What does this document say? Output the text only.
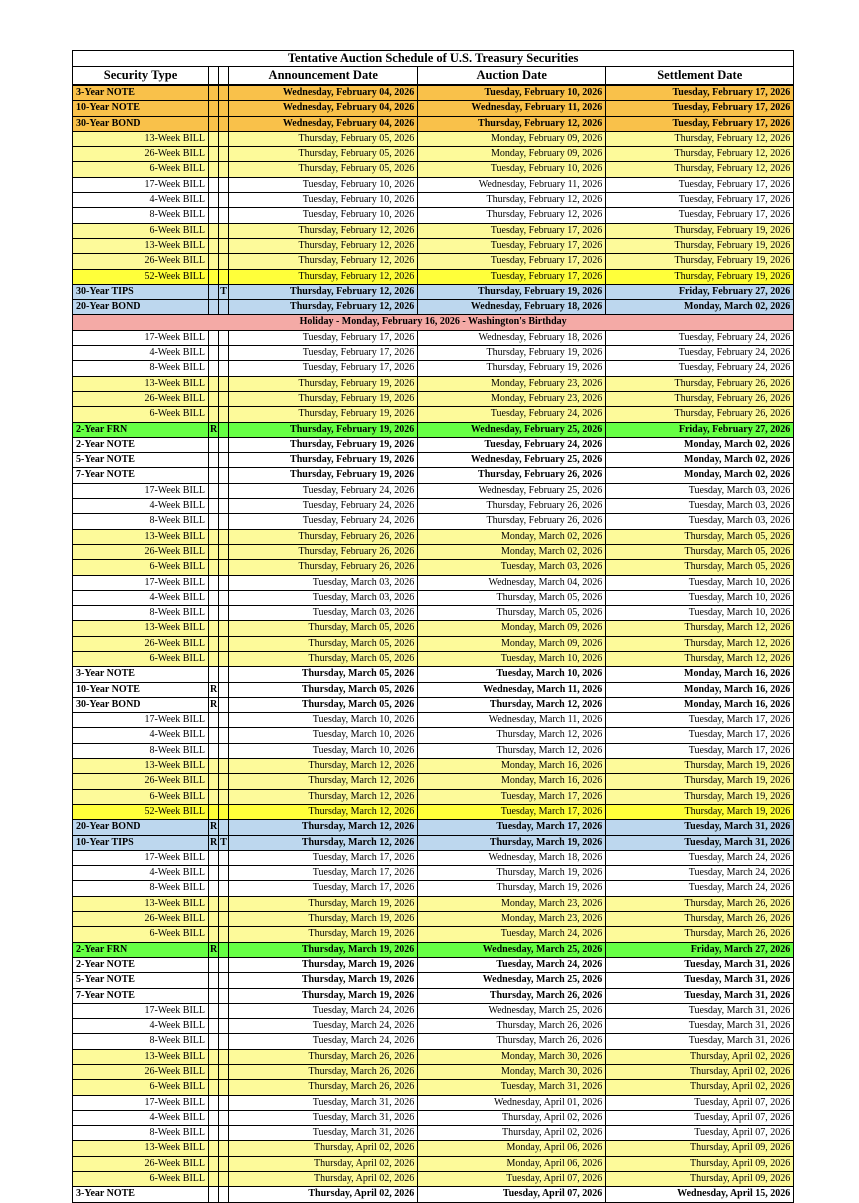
Tentative Auction Schedule of U.S. Treasury Securities					
Security Type			Announcement Date	Auction Date	Settlement Date
3-Year NOTE			Wednesday, February 04, 2026	Tuesday, February 10, 2026	Tuesday, February 17, 2026
10-Year NOTE			Wednesday, February 04, 2026	Wednesday, February 11, 2026	Tuesday, February 17, 2026
30-Year BOND			Wednesday, February 04, 2026	Thursday, February 12, 2026	Tuesday, February 17, 2026
13-Week BILL			Thursday, February 05, 2026	Monday, February 09, 2026	Thursday, February 12, 2026
26-Week BILL			Thursday, February 05, 2026	Monday, February 09, 2026	Thursday, February 12, 2026
6-Week BILL			Thursday, February 05, 2026	Tuesday, February 10, 2026	Thursday, February 12, 2026
17-Week BILL			Tuesday, February 10, 2026	Wednesday, February 11, 2026	Tuesday, February 17, 2026
4-Week BILL			Tuesday, February 10, 2026	Thursday, February 12, 2026	Tuesday, February 17, 2026
8-Week BILL			Tuesday, February 10, 2026	Thursday, February 12, 2026	Tuesday, February 17, 2026
6-Week BILL			Thursday, February 12, 2026	Tuesday, February 17, 2026	Thursday, February 19, 2026
13-Week BILL			Thursday, February 12, 2026	Tuesday, February 17, 2026	Thursday, February 19, 2026
26-Week BILL			Thursday, February 12, 2026	Tuesday, February 17, 2026	Thursday, February 19, 2026
52-Week BILL			Thursday, February 12, 2026	Tuesday, February 17, 2026	Thursday, February 19, 2026
30-Year TIPS		T	Thursday, February 12, 2026	Thursday, February 19, 2026	Friday, February 27, 2026
20-Year BOND			Thursday, February 12, 2026	Wednesday, February 18, 2026	Monday, March 02, 2026
Holiday - Monday, February 16, 2026 - Washington's Birthday					
17-Week BILL			Tuesday, February 17, 2026	Wednesday, February 18, 2026	Tuesday, February 24, 2026
4-Week BILL			Tuesday, February 17, 2026	Thursday, February 19, 2026	Tuesday, February 24, 2026
8-Week BILL			Tuesday, February 17, 2026	Thursday, February 19, 2026	Tuesday, February 24, 2026
13-Week BILL			Thursday, February 19, 2026	Monday, February 23, 2026	Thursday, February 26, 2026
26-Week BILL			Thursday, February 19, 2026	Monday, February 23, 2026	Thursday, February 26, 2026
6-Week BILL			Thursday, February 19, 2026	Tuesday, February 24, 2026	Thursday, February 26, 2026
2-Year FRN	R		Thursday, February 19, 2026	Wednesday, February 25, 2026	Friday, February 27, 2026
2-Year NOTE			Thursday, February 19, 2026	Tuesday, February 24, 2026	Monday, March 02, 2026
5-Year NOTE			Thursday, February 19, 2026	Wednesday, February 25, 2026	Monday, March 02, 2026
7-Year NOTE			Thursday, February 19, 2026	Thursday, February 26, 2026	Monday, March 02, 2026
17-Week BILL			Tuesday, February 24, 2026	Wednesday, February 25, 2026	Tuesday, March 03, 2026
4-Week BILL			Tuesday, February 24, 2026	Thursday, February 26, 2026	Tuesday, March 03, 2026
8-Week BILL			Tuesday, February 24, 2026	Thursday, February 26, 2026	Tuesday, March 03, 2026
13-Week BILL			Thursday, February 26, 2026	Monday, March 02, 2026	Thursday, March 05, 2026
26-Week BILL			Thursday, February 26, 2026	Monday, March 02, 2026	Thursday, March 05, 2026
6-Week BILL			Thursday, February 26, 2026	Tuesday, March 03, 2026	Thursday, March 05, 2026
17-Week BILL			Tuesday, March 03, 2026	Wednesday, March 04, 2026	Tuesday, March 10, 2026
4-Week BILL			Tuesday, March 03, 2026	Thursday, March 05, 2026	Tuesday, March 10, 2026
8-Week BILL			Tuesday, March 03, 2026	Thursday, March 05, 2026	Tuesday, March 10, 2026
13-Week BILL			Thursday, March 05, 2026	Monday, March 09, 2026	Thursday, March 12, 2026
26-Week BILL			Thursday, March 05, 2026	Monday, March 09, 2026	Thursday, March 12, 2026
6-Week BILL			Thursday, March 05, 2026	Tuesday, March 10, 2026	Thursday, March 12, 2026
3-Year NOTE			Thursday, March 05, 2026	Tuesday, March 10, 2026	Monday, March 16, 2026
10-Year NOTE	R		Thursday, March 05, 2026	Wednesday, March 11, 2026	Monday, March 16, 2026
30-Year BOND	R		Thursday, March 05, 2026	Thursday, March 12, 2026	Monday, March 16, 2026
17-Week BILL			Tuesday, March 10, 2026	Wednesday, March 11, 2026	Tuesday, March 17, 2026
4-Week BILL			Tuesday, March 10, 2026	Thursday, March 12, 2026	Tuesday, March 17, 2026
8-Week BILL			Tuesday, March 10, 2026	Thursday, March 12, 2026	Tuesday, March 17, 2026
13-Week BILL			Thursday, March 12, 2026	Monday, March 16, 2026	Thursday, March 19, 2026
26-Week BILL			Thursday, March 12, 2026	Monday, March 16, 2026	Thursday, March 19, 2026
6-Week BILL			Thursday, March 12, 2026	Tuesday, March 17, 2026	Thursday, March 19, 2026
52-Week BILL			Thursday, March 12, 2026	Tuesday, March 17, 2026	Thursday, March 19, 2026
20-Year BOND	R		Thursday, March 12, 2026	Tuesday, March 17, 2026	Tuesday, March 31, 2026
10-Year TIPS	R	T	Thursday, March 12, 2026	Thursday, March 19, 2026	Tuesday, March 31, 2026
17-Week BILL			Tuesday, March 17, 2026	Wednesday, March 18, 2026	Tuesday, March 24, 2026
4-Week BILL			Tuesday, March 17, 2026	Thursday, March 19, 2026	Tuesday, March 24, 2026
8-Week BILL			Tuesday, March 17, 2026	Thursday, March 19, 2026	Tuesday, March 24, 2026
13-Week BILL			Thursday, March 19, 2026	Monday, March 23, 2026	Thursday, March 26, 2026
26-Week BILL			Thursday, March 19, 2026	Monday, March 23, 2026	Thursday, March 26, 2026
6-Week BILL			Thursday, March 19, 2026	Tuesday, March 24, 2026	Thursday, March 26, 2026
2-Year FRN	R		Thursday, March 19, 2026	Wednesday, March 25, 2026	Friday, March 27, 2026
2-Year NOTE			Thursday, March 19, 2026	Tuesday, March 24, 2026	Tuesday, March 31, 2026
5-Year NOTE			Thursday, March 19, 2026	Wednesday, March 25, 2026	Tuesday, March 31, 2026
7-Year NOTE			Thursday, March 19, 2026	Thursday, March 26, 2026	Tuesday, March 31, 2026
17-Week BILL			Tuesday, March 24, 2026	Wednesday, March 25, 2026	Tuesday, March 31, 2026
4-Week BILL			Tuesday, March 24, 2026	Thursday, March 26, 2026	Tuesday, March 31, 2026
8-Week BILL			Tuesday, March 24, 2026	Thursday, March 26, 2026	Tuesday, March 31, 2026
13-Week BILL			Thursday, March 26, 2026	Monday, March 30, 2026	Thursday, April 02, 2026
26-Week BILL			Thursday, March 26, 2026	Monday, March 30, 2026	Thursday, April 02, 2026
6-Week BILL			Thursday, March 26, 2026	Tuesday, March 31, 2026	Thursday, April 02, 2026
17-Week BILL			Tuesday, March 31, 2026	Wednesday, April 01, 2026	Tuesday, April 07, 2026
4-Week BILL			Tuesday, March 31, 2026	Thursday, April 02, 2026	Tuesday, April 07, 2026
8-Week BILL			Tuesday, March 31, 2026	Thursday, April 02, 2026	Tuesday, April 07, 2026
13-Week BILL			Thursday, April 02, 2026	Monday, April 06, 2026	Thursday, April 09, 2026
26-Week BILL			Thursday, April 02, 2026	Monday, April 06, 2026	Thursday, April 09, 2026
6-Week BILL			Thursday, April 02, 2026	Tuesday, April 07, 2026	Thursday, April 09, 2026
3-Year NOTE			Thursday, April 02, 2026	Tuesday, April 07, 2026	Wednesday, April 15, 2026
